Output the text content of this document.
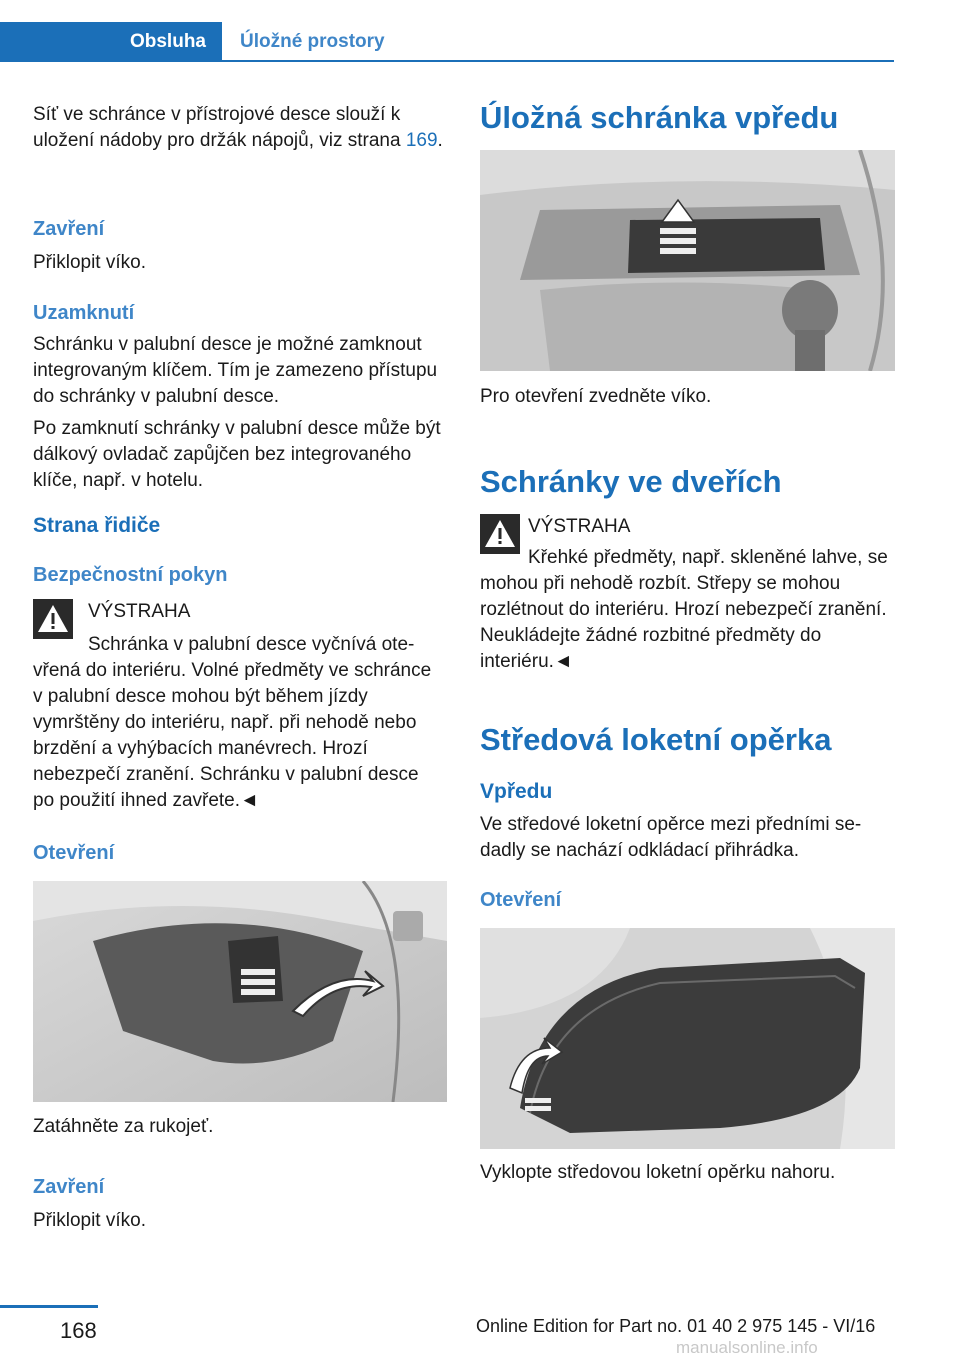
Obsluha	Úložné prostory

Síť ve schránce v přístrojové desce slouží k uložení nádoby pro držák nápojů, viz strana 169.

Zavření

Přiklopit víko.

Uzamknutí

Schránku v palubní desce je možné zamknout integrovaným klíčem. Tím je zamezeno přístupu do schránky v palubní desce.

Po zamknutí schránky v palubní desce může být dálkový ovladač zapůjčen bez integrovaného klíče, např. v hotelu.

Strana řidiče
Bezpečnostní pokyn
VÝSTRAHA

Schránka v palubní desce vyčnívá otevřená do interiéru. Volné předměty ve schránce v palubní desce mohou být během jízdy vymrštěny do interiéru, např. při nehodě nebo brzdění a vyhýbacích manévrech. Hrozí nebezpečí zranění. Schránku v palubní desce po použití ihned zavřete.◄

Otevření

Zatáhněte za rukojeť.

Zavření

Přiklopit víko.

Úložná schránka vpředu

Pro otevření zvedněte víko.

Schránky ve dveřích
VÝSTRAHA

Křehké předměty, např. skleněné lahve, se mohou při nehodě rozbít. Střepy se mohou rozlétnout do interiéru. Hrozí nebezpečí zranění. Neukládejte žádné rozbitné předměty do interiéru.◄

Středová loketní opěrka
Vpředu

Ve středové loketní opěrce mezi předními sedadly se nachází odkládací přihrádka.

Otevření

Vyklopte středovou loketní opěrku nahoru.

168	Online Edition for Part no. 01 40 2 975 145 - VI/16
manualsonline.info
